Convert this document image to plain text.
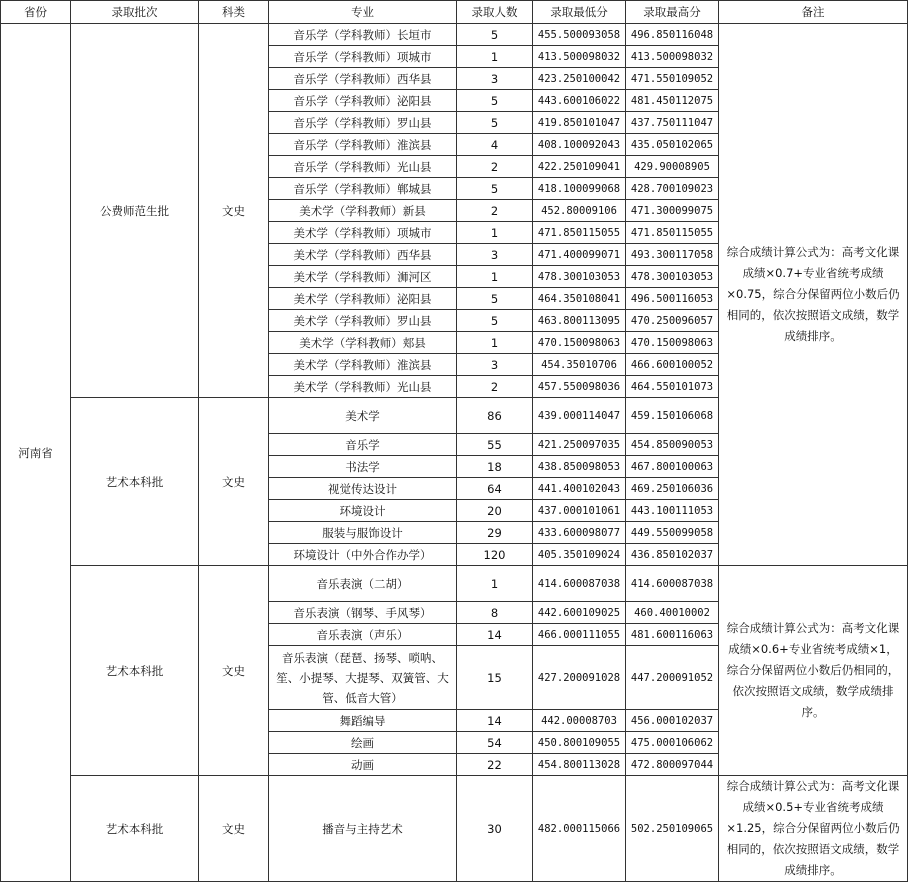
省份	录取批次	科类	专业	录取人数	录取最低分	录取最高分	备注
河南省	公费师范生批	文史	音乐学（学科教师）长垣市	5	455.500093058	496.850116048	综合成绩计算公式为：高考文化课成绩×0.7+专业省统考成绩×0.75，综合分保留两位小数后仍相同的，依次按照语文成绩，数学成绩排序。
			音乐学（学科教师）项城市	1	413.500098032	413.500098032	
			音乐学（学科教师）西华县	3	423.250100042	471.550109052	
			音乐学（学科教师）泌阳县	5	443.600106022	481.450112075	
			音乐学（学科教师）罗山县	5	419.850101047	437.750111047	
			音乐学（学科教师）淮滨县	4	408.100092043	435.050102065	
			音乐学（学科教师）光山县	2	422.250109041	429.90008905	
			音乐学（学科教师）郸城县	5	418.100099068	428.700109023	
			美术学（学科教师）新县	2	452.80009106	471.300099075	
			美术学（学科教师）项城市	1	471.850115055	471.850115055	
			美术学（学科教师）西华县	3	471.400099071	493.300117058	
			美术学（学科教师）浉河区	1	478.300103053	478.300103053	
			美术学（学科教师）泌阳县	5	464.350108041	496.500116053	
			美术学（学科教师）罗山县	5	463.800113095	470.250096057	
			美术学（学科教师）郏县	1	470.150098063	470.150098063	
			美术学（学科教师）淮滨县	3	454.35010706	466.600100052	
			美术学（学科教师）光山县	2	457.550098036	464.550101073	
	艺术本科批	文史	美术学	86	439.000114047	459.150106068	
			音乐学	55	421.250097035	454.850090053	
			书法学	18	438.850098053	467.800100063	
			视觉传达设计	64	441.400102043	469.250106036	
			环境设计	20	437.000101061	443.100111053	
			服装与服饰设计	29	433.600098077	449.550099058	
			环境设计（中外合作办学）	120	405.350109024	436.850102037	
	艺术本科批	文史	音乐表演（二胡）	1	414.600087038	414.600087038	综合成绩计算公式为：高考文化课成绩×0.6+专业省统考成绩×1，综合分保留两位小数后仍相同的，依次按照语文成绩，数学成绩排序。
			音乐表演（钢琴、手风琴）	8	442.600109025	460.40010002	
			音乐表演（声乐）	14	466.000111055	481.600116063	
			音乐表演（琵琶、扬琴、唢呐、笙、小提琴、大提琴、双簧管、大管、低音大管）	15	427.200091028	447.200091052	
			舞蹈编导	14	442.00008703	456.000102037	
			绘画	54	450.800109055	475.000106062	
			动画	22	454.800113028	472.800097044	
	艺术本科批	文史	播音与主持艺术	30	482.000115066	502.250109065	综合成绩计算公式为：高考文化课成绩×0.5+专业省统考成绩×1.25，综合分保留两位小数后仍相同的，依次按照语文成绩，数学成绩排序。
